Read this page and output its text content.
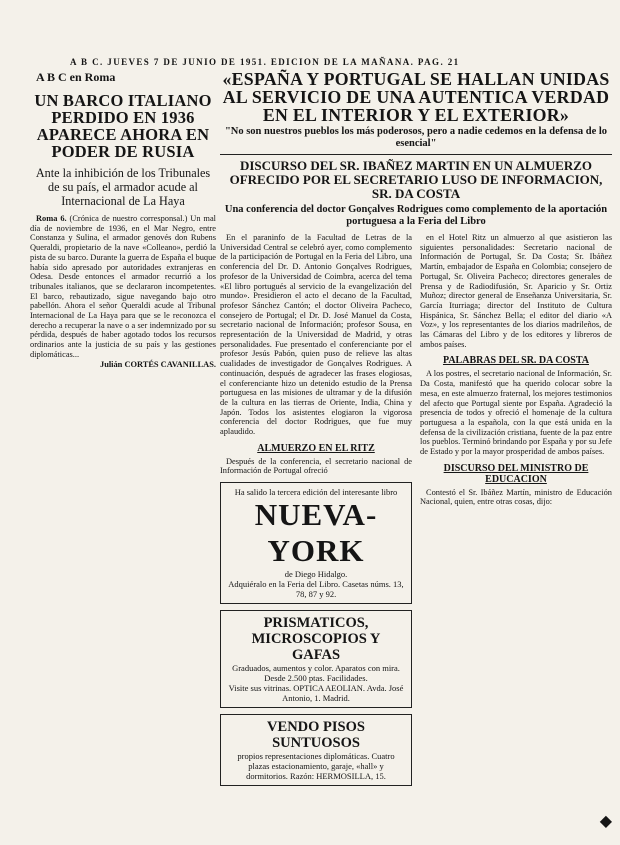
A B C. JUEVES 7 DE JUNIO DE 1951. EDICION DE LA MAÑANA. PAG. 21
A B C en Roma
UN BARCO ITALIANO PERDIDO EN 1936 APARECE AHORA EN PODER DE RUSIA
Ante la inhibición de los Tribunales de su país, el armador acude al Internacional de La Haya

Roma 6. (Crónica de nuestro corresponsal.) Un mal día de noviembre de 1936, en el Mar Negro, entre Constanza y Sulina, el armador genovés don Rubens Queraldi, propietario de la nave «Colleano», perdió la pista de su barco. Durante la guerra de España el buque había sido apresado por autoridades extranjeras en Odesa. Desde entonces el armador recurrió a los tribunales italianos, que se declararon incompetentes. El barco, rebautizado, sigue navegando bajo otro pabellón. Ahora el señor Queraldi acude al Tribunal Internacional de La Haya para que se le reconozca el derecho a recuperar la nave o a ser indemnizado por su pérdida, después de haber agotado todos los recursos ordinarios ante la justicia de su país y las gestiones diplomáticas...

Julián CORTÉS CAVANILLAS.

«ESPAÑA Y PORTUGAL SE HALLAN UNIDAS AL SERVICIO DE UNA AUTENTICA VERDAD EN EL INTERIOR Y EL EXTERIOR»
"No son nuestros pueblos los más poderosos, pero a nadie cedemos en la defensa de lo esencial"
DISCURSO DEL SR. IBAÑEZ MARTIN EN UN ALMUERZO OFRECIDO POR EL SECRETARIO LUSO DE INFORMACION, SR. DA COSTA
Una conferencia del doctor Gonçalves Rodrigues como complemento de la aportación portuguesa a la Feria del Libro

En el paraninfo de la Facultad de Letras de la Universidad Central se celebró ayer, como complemento de la participación de Portugal en la Feria del Libro, una conferencia del Dr. D. Antonio Gonçalves Rodrigues, profesor de la Universidad de Coimbra, acerca del tema «El libro portugués al servicio de la evangelización del mundo». Presidieron el acto el decano de la Facultad, profesor Sánchez Cantón; el doctor Oliveira Pacheco, consejero de Portugal; el Dr. D. José Manuel da Costa, secretario nacional de Información; profesor Sousa, en representación de la Universidad de Madrid, y otras personalidades. Fue presentado el conferenciante por el profesor Jesús Pabón, quien puso de relieve las altas cualidades de investigador de Gonçalves Rodrigues. A continuación, después de agradecer las frases elogiosas, el conferenciante hizo un detenido estudio de la Prensa portuguesa en las misiones de ultramar y de la difusión de la cultura en las tierras de Oriente, India, China y Japón. Todos los asistentes elogiaron la vigorosa conferencia del doctor Rodrigues, que fue muy aplaudido.

ALMUERZO EN EL RITZ

Después de la conferencia, el secretario nacional de Información de Portugal ofreció

Ha salido la tercera edición del interesante libro
NUEVA-YORK
de Diego Hidalgo.
Adquiéralo en la Feria del Libro. Casetas núms. 13, 78, 87 y 92.
PRISMATICOS, MICROSCOPIOS Y GAFAS
Graduados, aumentos y color. Aparatos con mira. Desde 2.500 ptas. Facilidades.
Visite sus vitrinas. OPTICA AEOLIAN. Avda. José Antonio, 1. Madrid.
VENDO PISOS SUNTUOSOS
propios representaciones diplomáticas. Cuatro plazas estacionamiento, garaje, «hall» y dormitorios. Razón: HERMOSILLA, 15.

en el Hotel Ritz un almuerzo al que asistieron las siguientes personalidades: Secretario nacional de Información de Portugal, Sr. Da Costa; Sr. Ibáñez Martín, embajador de España en Colombia; consejero de Portugal, Sr. Oliveira Pacheco; directores generales de Prensa y de Radiodifusión, Sr. Aparicio y Sr. Ortiz Muñoz; director general de Enseñanza Universitaria, Sr. García Iturriaga; director del Instituto de Cultura Hispánica, Sr. Sánchez Bella; el editor del diario «A Voz», y los representantes de los diarios madrileños, de las Cámaras del Libro y de los editores y libreros de ambos países.

PALABRAS DEL SR. DA COSTA

A los postres, el secretario nacional de Información, Sr. Da Costa, manifestó que ha querido colocar sobre la mesa, en este almuerzo fraternal, los mejores testimonios del afecto que Portugal siente por España. Agradeció la presencia de todos y ofreció el homenaje de la cultura portuguesa a la española, con la que está unida en la defensa de la civilización cristiana, fuente de la paz entre los pueblos. Terminó brindando por España y por su Jefe de Estado y por la mayor prosperidad de ambos países.

DISCURSO DEL MINISTRO DE EDUCACION

Contestó el Sr. Ibáñez Martín, ministro de Educación Nacional, quien, entre otras cosas, dijo:

◆
